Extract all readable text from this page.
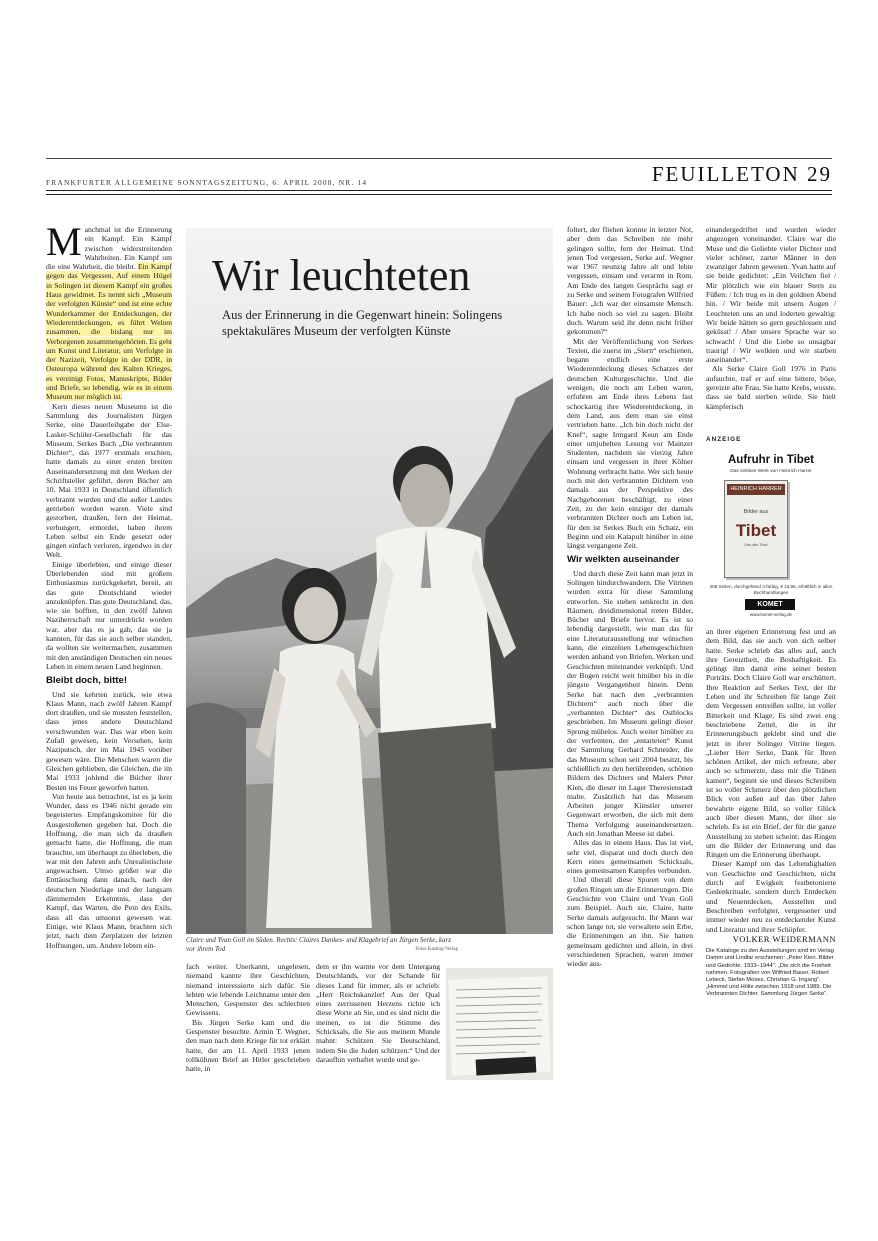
FRANKFURTER ALLGEMEINE SONNTAGSZEITUNG, 6. APRIL 2008, NR. 14	FEUILLETON 29

Manchmal ist die Erinnerung ein Kampf. Ein Kampf zwischen widerstreitenden Wahrheiten. Ein Kampf um die eine Wahrheit, die bleibt. Ein Kampf gegen das Vergessen. Auf einem Hügel in Solingen ist diesem Kampf ein großes Haus gewidmet. Es nennt sich „Museum der verfolgten Künste“ und ist eine echte Wunderkammer der Entdeckungen, der Wiederentdeckungen, es führt Welten zusammen, die bislang nur im Verborgenen zusammengehörten. Es geht um Kunst und Literatur, um Verfolgte in der Nazizeit, Verfolgte in der DDR, in Osteuropa während des Kalten Krieges, es vereinigt Fotos, Manuskripte, Bilder und Briefe, so lebendig, wie es in einem Museum nur möglich ist.

Kern dieses neuen Museums ist die Sammlung des Journalisten Jürgen Serke, eine Dauerleihgabe der Else-Lasker-Schüler-Gesellschaft für das Museum. Serkes Buch „Die verbrannten Dichter“, das 1977 erstmals erschien, hatte damals zu einer ersten breiten Auseinandersetzung mit den Werken der Schriftsteller geführt, deren Bücher am 10. Mai 1933 in Deutschland öffentlich verbrannt wurden und die außer Landes getrieben worden waren. Viele sind gestorben, draußen, fern der Heimat, verhungert, ermordet, haben ihrem Leben selbst ein Ende gesetzt oder gingen einfach verloren, irgendwo in der Welt.

Einige überlebten, und einige dieser Überlebenden sind mit großem Enthusiasmus zurückgekehrt, bereit, an das gute Deutschland wieder anzuknüpfen. Das gute Deutschland, das, wie sie hofften, in den zwölf Jahren Naziherrschaft nur unterdrückt worden war, aber das es ja gab, das sie ja kannten, für das sie auch selber standen, da wollten sie weitermachen, zusammen mit den anständigen Deutschen ein neues Leben in einem neuen Land beginnen.

Bleibt doch, bitte!

Und sie kehrten zurück, wie etwa Klaus Mann, nach zwölf Jahren Kampf dort draußen, und sie mussten feststellen, dass jenes andere Deutschland verschwunden war. Das war eben kein Zufall gewesen, kein Versehen, kein Naziputsch, der im Mai 1945 vorüber gewesen wäre. Die Menschen waren die Gleichen geblieben, die Gleichen, die im Mai 1933 johlend die Bücher ihrer Besten ins Feuer geworfen hatten.

Von heute aus betrachtet, ist es ja kein Wunder, dass es 1946 nicht gerade ein begeistertes Empfangskomitee für die Ausgestoßenen gegeben hat. Doch die Hoffnung, die man sich da draußen gemacht hatte, die Hoffnung, die man brauchte, um überhaupt zu überleben, die war mit den Jahren aufs Unrealistischste angewachsen. Umso größer war die Enttäuschung dann danach, nach der deutschen Niederlage und der langsam dämmernden Erkenntnis, dass der Kampf, das Warten, die Pein des Exils, dass all das umsonst gewesen war. Einige, wie Klaus Mann, brachten sich jetzt, nach dem Zerplatzen der letzten Hoffnungen, um. Andere lebten ein-

Wir leuchteten
Aus der Erinnerung in die Gegenwart hinein: Solingens spektakuläres Museum der verfolgten Künste
Claire und Yvan Goll im Süden. Rechts: Claires Dankes- und Klagebrief an Jürgen Serke, kurz vor ihrem Tod	Fotos Katalog/Verlag

fach weiter. Unerkannt, ungelesen, niemand kannte ihre Geschichten, niemand interessierte sich dafür. Sie lebten wie lebende Leichname unter den Menschen, Gespenster des schlechten Gewissens.

Bis Jürgen Serke kam und die Gespenster besuchte. Armin T. Wegner, den man nach dem Kriege für tot erklärt hatte, der am 11. April 1933 jenen tollkühnen Brief an Hitler geschrieben hatte, in

dem er ihn warnte vor dem Untergang Deutschlands, vor der Schande für dieses Land für immer, als er schrieb: „Herr Reichskanzler! Aus der Qual eines zerrissenen Herzens richte ich diese Worte an Sie, und es sind nicht die meinen, es ist die Stimme des Schicksals, die Sie aus meinem Munde mahnt: Schützen Sie Deutschland, indem Sie die Juden schützen.“ Und der daraufhin verhaftet wurde und ge-

foltert, der fliehen konnte in letzter Not, aber dem das Schreiben nie mehr gelingen sollte, fern der Heimat. Und jenen Tod vergessen, Serke auf. Wegner war 1967 neunzig Jahre alt und lebte vergessen, einsam und verarmt in Rom. Am Ende des langen Gesprächs sagt er zu Serke und seinem Fotografen Wilfried Bauer: „Ich war der einsamste Mensch. Ich habe noch so viel zu sagen. Bleibt doch. Warum seid ihr denn nicht früher gekommen?“

Mit der Veröffentlichung von Serkes Texten, die zuerst im „Stern“ erschienen, begann endlich eine erste Wiederentdeckung dieses Schatzes der deutschen Kulturgeschichte. Und die wenigen, die noch am Leben waren, erfuhren am Ende ihres Lebens fast schockartig ihre Wiederentdeckung, in dem Land, aus dem man sie einst vertrieben hatte. „Ich bin doch nicht der Knef“, sagte Irmgard Keun am Ende einer umjubelten Lesung vor Mainzer Studenten, nachdem sie vierzig Jahre einsam und vergessen in ihrer Kölner Wohnung verbracht hatte. Wer sich heute noch mit den verbrannten Dichtern von damals aus der Perspektive des Nachgeborenen beschäftigt, zu einer Zeit, zu der kein einziger der damals verbrannten Dichter noch am Leben ist, für den ist Serkes Buch ein Schatz, ein Beginn und ein Katapult hinüber in eine längst vergangene Zeit.

Wir welkten auseinander

Und durch diese Zeit kann man jetzt in Solingen hindurchwandern. Die Vitrinen wurden extra für diese Sammlung entworfen. Sie stehen senkrecht in den Räumen, dreidimensional treten Bilder, Bücher und Briefe hervor. Es ist so lebendig dargestellt, wie man das für eine Literaturausstellung nur wünschen kann, die einzelnen Lebensgeschichten werden anhand von Briefen, Werken und Geschichten miteinander verknüpft. Und der Bogen reicht weit hinüber bis in die jüngste Vergangenheit hinein. Denn Serke hat nach den „verbrannten Dichtern“ auch noch über die „verbannten Dichter“ des Ostblocks geschrieben. Im Museum gelingt dieser Sprung mühelos. Auch weiter hinüber zu der verfemten, der „entarteten“ Kunst der Sammlung Gerhard Schneider, die das Museum schon seit 2004 besitzt, bis schließlich zu den berührenden, schönen Bildern des Dichters und Malers Peter Kien, die dieser im Lager Theresienstadt malte. Zusätzlich hat das Museum Arbeiten junger Künstler unserer Gegenwart erworben, die sich mit dem Thema Verfolgung auseinandersetzen. Auch ein Jonathan Meese ist dabei.

Alles das in einem Haus. Das ist viel, sehr viel, disparat und doch durch den Kern eines gemeinsamen Schicksals, eines gemeinsamen Kampfes verbunden.

Und überall diese Spuren von dem großen Ringen um die Erinnerungen. Die Geschichte von Claire und Yvan Goll zum Beispiel. Auch sie, Claire, hatte Serke damals aufgesucht. Ihr Mann war schon lange tot, sie verwaltete sein Erbe, die Erinnerungen an ihn. Sie hatten gemeinsam gedichtet und allein, in drei verschiedenen Sprachen, waren immer wieder aus-

einandergedriftet und wurden wieder angezogen voneinander. Claire war die Muse und die Geliebte vieler Dichter und vieler schöner, zarter Männer in den zwanziger Jahren gewesen. Yvan hatte auf sie beide gedichtet: „Ein Veilchen fiel / Mir plötzlich wie ein blauer Stern zu Füßen: / Ich trug es in den goldnen Abend hin. / Wir beide mit unsern Augen / Leuchteten uns an und loderten gewaltig: Wir beide hätten so gern geschlossen und geküsst! / Aber unsere Sprache war so schwach! / Und die Liebe so unsagbar traurig! / Wir welkten und wir starben auseinander“.

Als Serke Claire Goll 1976 in Paris aufsuchte, traf er auf eine bittere, böse, gereizte alte Frau. Sie hatte Krebs, wusste, dass sie bald sterben würde. Sie hielt kämpferisch

ANZEIGE
Aufruhr in Tibet
Das zeitlose Werk von Heinrich Harrer
HEINRICH HARRER
Bilder aus
Tibet
Das alte Tibet
208 Seiten, durchgehend 2-farbig, € 16,95, erhältlich in allen Buchhandlungen
KOMET
www.komet-verlag.de

an ihrer eigenen Erinnerung fest und an dem Bild, das sie auch von sich selber hatte. Serke schrieb das alles auf, auch ihre Gereiztheit, die Boshaftigkeit. Es gelingt ihm damit eine seiner besten Porträts. Doch Claire Goll war erschüttert. Ihre Reaktion auf Serkes Text, der ihr Leben und ihr Schreiben für lange Zeit dem Vergessen entreißen sollte, ist voller Bitterkeit und Klage. Es sind zwei eng beschriebene Zettel, die in ihr Erinnerungsbuch geklebt sind und die jetzt in ihrer Solinger Vitrine liegen. „Lieber Herr Serke, Dank für Ihren schönen Artikel, der mich erfreute, aber auch so schmerzte, dass mir die Tränen kamen“, beginnt sie und dieses Schreiben ist so voller Schmerz über den plötzlichen Blick von außen auf das über Jahre bewahrte eigene Bild, so voller Glück auch über diesen Mann, der über sie schrieb. Es ist ein Brief, der für die ganze Ausstellung zu stehen scheint: das Ringen um die Bilder der Erinnerung und das Ringen um die Erinnerung überhaupt.

Dieser Kampf um das Lebendighalten von Geschichte und Geschichten, nicht durch auf Ewigkeit festbetonierte Gedenkrituale, sondern durch Entdecken und Neuentdecken, Ausstellen und Beschreiben verfolgter, vergessener und immer wieder neu zu entdeckender Kunst und Literatur und ihrer Schöpfer.

VOLKER WEIDERMANN
Die Kataloge zu den Ausstellungen sind im Verlag Damm und Lindlar erschienen: „Peter Kien. Bilder und Gedichte. 1933–1944“. „Die sich die Freiheit nahmen. Fotografien von Wilfried Bauer, Robert Lebeck, Stefan Moses, Christian G. Irrgang“. „Himmel und Hölle zwischen 1918 und 1989. Die Verbrannten Dichter. Sammlung Jürgen Serke“.
